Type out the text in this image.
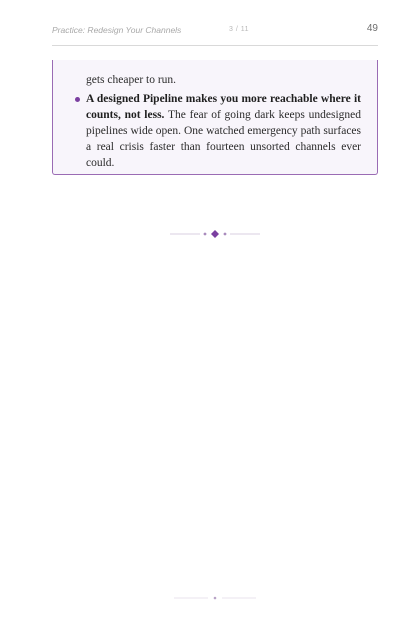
Practice: Redesign Your Channels	3 / 11	49

gets cheaper to run.

A designed Pipeline makes you more reachable where it counts, not less. The fear of going dark keeps undesigned pipelines wide open. One watched emergency path surfaces a real crisis faster than fourteen unsorted channels ever could.
